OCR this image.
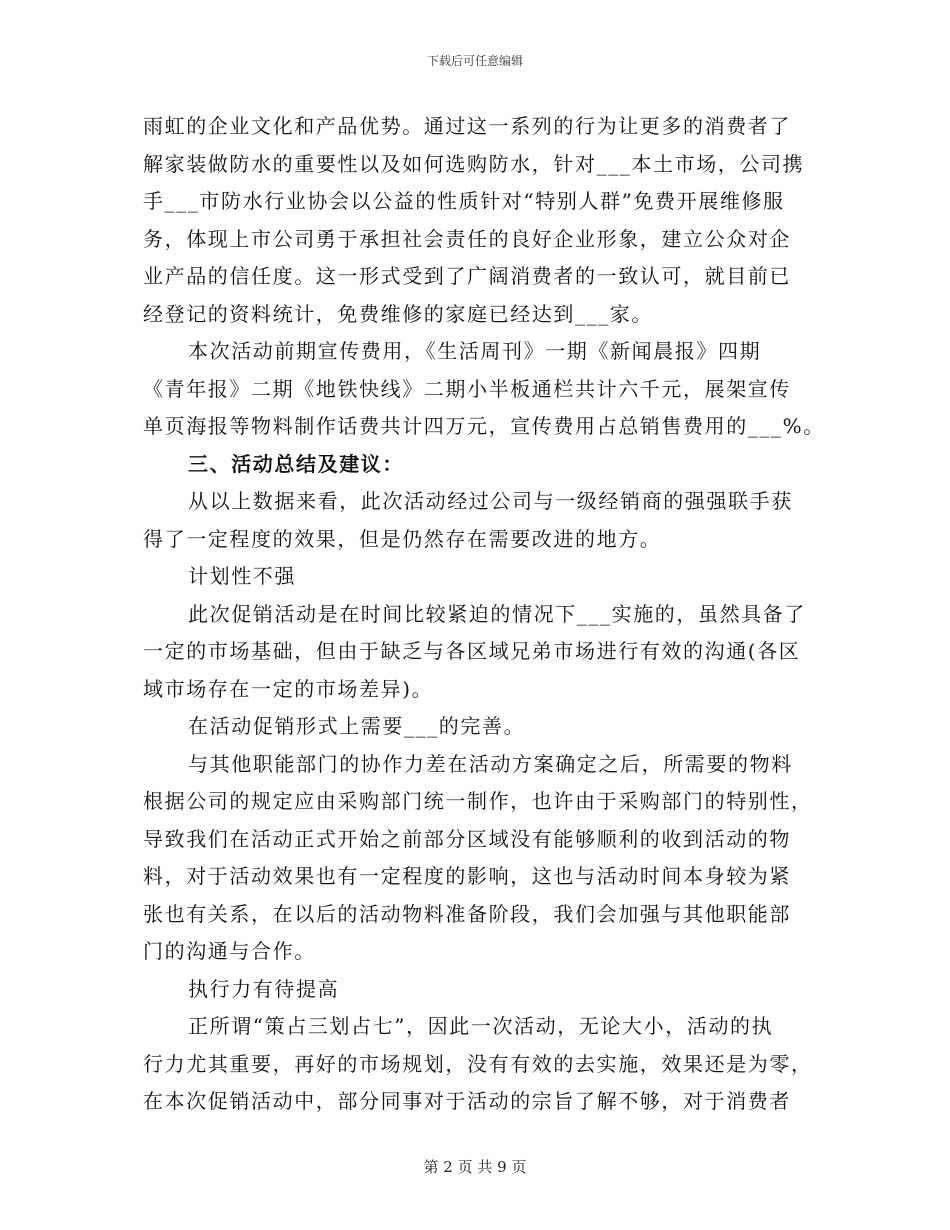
下载后可任意编辑

雨虹的企业文化和产品优势。通过这一系列的行为让更多的消费者了

解家装做防水的重要性以及如何选购防水，针对___本土市场，公司携

手___市防水行业协会以公益的性质针对“特别人群”免费开展维修服

务，体现上市公司勇于承担社会责任的良好企业形象，建立公众对企

业产品的信任度。这一形式受到了广阔消费者的一致认可，就目前已

经登记的资料统计，免费维修的家庭已经达到___家。

本次活动前期宣传费用，《生活周刊》一期《新闻晨报》四期

《青年报》二期《地铁快线》二期小半板通栏共计六千元，展架宣传

单页海报等物料制作话费共计四万元，宣传费用占总销售费用的___%。

三、活动总结及建议：

从以上数据来看，此次活动经过公司与一级经销商的强强联手获

得了一定程度的效果，但是仍然存在需要改进的地方。

计划性不强

此次促销活动是在时间比较紧迫的情况下___实施的，虽然具备了

一定的市场基础，但由于缺乏与各区域兄弟市场进行有效的沟通(各区

域市场存在一定的市场差异)。

在活动促销形式上需要___的完善。

与其他职能部门的协作力差在活动方案确定之后，所需要的物料

根据公司的规定应由采购部门统一制作，也许由于采购部门的特别性，

导致我们在活动正式开始之前部分区域没有能够顺利的收到活动的物

料，对于活动效果也有一定程度的影响，这也与活动时间本身较为紧

张也有关系，在以后的活动物料准备阶段，我们会加强与其他职能部

门的沟通与合作。

执行力有待提高

正所谓“策占三划占七”，因此一次活动，无论大小，活动的执

行力尤其重要，再好的市场规划，没有有效的去实施，效果还是为零，

在本次促销活动中，部分同事对于活动的宗旨了解不够，对于消费者

第 2 页 共 9 页
